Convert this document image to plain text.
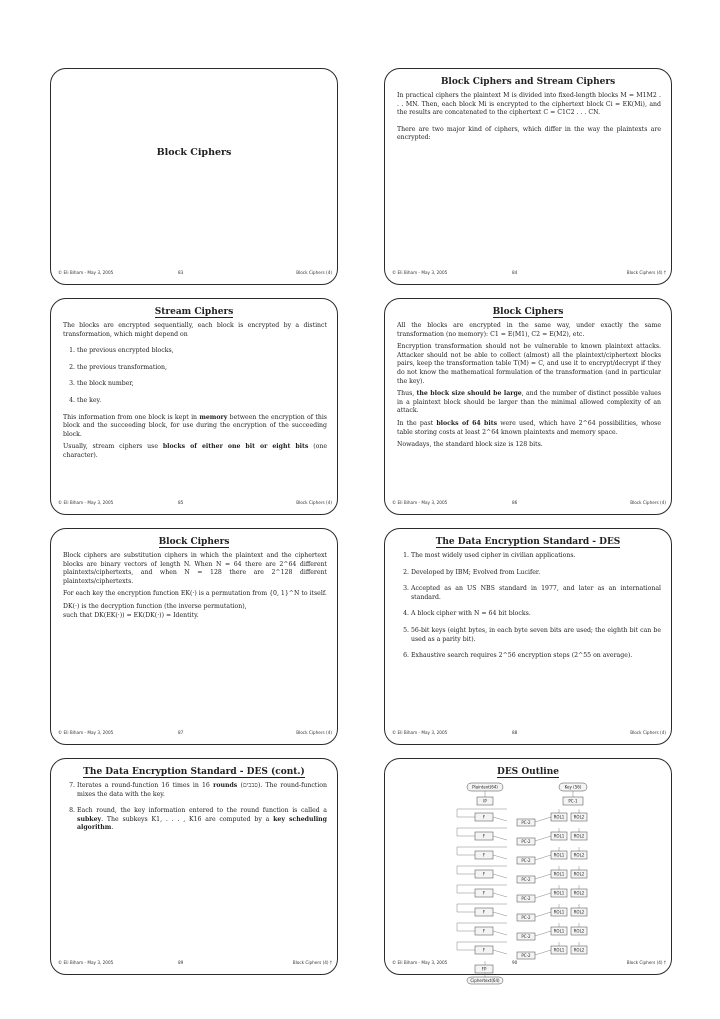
Block Ciphers
© Eli Biham - May 3, 2005	83	Block Ciphers (4)
Block Ciphers and Stream Ciphers

In practical ciphers the plaintext M is divided into fixed-length blocks M = M1M2 . . . MN. Then, each block Mi is encrypted to the ciphertext block Ci = EK(Mi), and the results are concatenated to the ciphertext C = C1C2 . . . CN.

There are two major kind of ciphers, which differ in the way the plaintexts are encrypted:

© Eli Biham - May 3, 2005	84	Block Ciphers (4) †
Stream Ciphers

The blocks are encrypted sequentially, each block is encrypted by a distinct transformation, which might depend on

1. the previous encrypted blocks,
2. the previous transformation,
3. the block number,
4. the key.

This information from one block is kept in memory between the encryption of this block and the succeeding block, for use during the encryption of the succeeding block.

Usually, stream ciphers use blocks of either one bit or eight bits (one character).

© Eli Biham - May 3, 2005	85	Block Ciphers (4)
Block Ciphers

All the blocks are encrypted in the same way, under exactly the same transformation (no memory): C1 = E(M1), C2 = E(M2), etc.

Encryption transformation should not be vulnerable to known plaintext attacks. Attacker should not be able to collect (almost) all the plaintext/ciphertext blocks pairs, keep the transformation table T(M) = C, and use it to encrypt/decrypt if they do not know the mathematical formulation of the transformation (and in particular the key).

Thus, the block size should be large, and the number of distinct possible values in a plaintext block should be larger than the minimal allowed complexity of an attack.

In the past blocks of 64 bits were used, which have 2^64 possibilities, whose table storing costs at least 2^64 known plaintexts and memory space.

Nowadays, the standard block size is 128 bits.

© Eli Biham - May 3, 2005	86	Block Ciphers (4)
Block Ciphers

Block ciphers are substitution ciphers in which the plaintext and the ciphertext blocks are binary vectors of length N. When N = 64 there are 2^64 different plaintexts/ciphertexts, and when N = 128 there are 2^128 different plaintexts/ciphertexts.

For each key the encryption function EK(·) is a permutation from {0, 1}^N to itself.

DK(·) is the decryption function (the inverse permutation),

such that DK(EK(·)) = EK(DK(·)) = Identity.

© Eli Biham - May 3, 2005	87	Block Ciphers (4)
The Data Encryption Standard - DES
1. The most widely used cipher in civilian applications.
2. Developed by IBM; Evolved from Lucifer.
3. Accepted as an US NBS standard in 1977, and later as an international standard.
4. A block cipher with N = 64 bit blocks.
5. 56-bit keys (eight bytes, in each byte seven bits are used; the eighth bit can be used as a parity bit).
6. Exhaustive search requires 2^56 encryption steps (2^55 on average).
© Eli Biham - May 3, 2005	88	Block Ciphers (4)
The Data Encryption Standard - DES (cont.)
7. Iterates a round-function 16 times in 16 rounds (סבבים). The round-function mixes the data with the key.
8. Each round, the key information entered to the round function is called a subkey. The subkeys K1, . . . , K16 are computed by a key scheduling algorithm.
© Eli Biham - May 3, 2005	89	Block Ciphers (4) †
DES Outline
Plaintext(64)	Key (56)
IP	PC-1
F
PC-2
ROL1 ROL2
F
PC-2
ROL1 ROL2
F
PC-2
ROL1 ROL2
F
PC-2
ROL1 ROL2
F
PC-2
ROL1 ROL2
F
PC-2
ROL1 ROL2
F
PC-2
ROL1 ROL2
F
PC-2
ROL1 ROL2
FP
Ciphertext(64)
© Eli Biham - May 3, 2005	90	Block Ciphers (4) †
